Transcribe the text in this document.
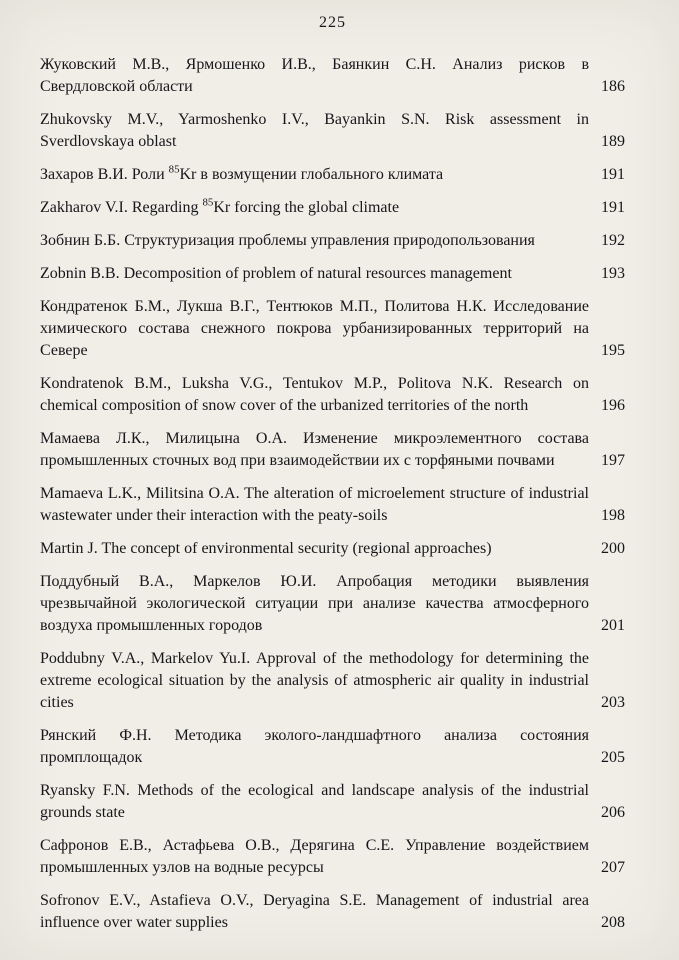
225
Жуковский М.В., Ярмошенко И.В., Баянкин С.Н. Анализ рисков в Свердловской области	186
Zhukovsky M.V., Yarmoshenko I.V., Bayankin S.N. Risk assessment in Sverdlovskaya oblast	189
Захаров В.И. Роли $^{85}$Kr в возмущении глобального климата	191
Zakharov V.I. Regarding $^{85}$Kr forcing the global climate	191
Зобнин Б.Б. Структуризация проблемы управления природопользования	192
Zobnin B.B. Decomposition of problem of natural resources management	193
Кондратенок Б.М., Лукша В.Г., Тентюков М.П., Политова Н.К. Исследование химического состава снежного покрова урбанизированных территорий на Севере	195
Kondratenok B.M., Luksha V.G., Tentukov M.P., Politova N.K. Research on chemical composition of snow cover of the urbanized territories of the north	196
Мамаева Л.К., Милицына О.А. Изменение микроэлементного состава промышленных сточных вод при взаимодействии их с торфяными почвами	197
Mamaeva L.K., Militsina O.A. The alteration of microelement structure of industrial wastewater under their interaction with the peaty-soils	198
Martin J. The concept of environmental security (regional approaches)	200
Поддубный В.А., Маркелов Ю.И. Апробация методики выявления чрезвычайной экологической ситуации при анализе качества атмосферного воздуха промышленных городов	201
Poddubny V.A., Markelov Yu.I. Approval of the methodology for determining the extreme ecological situation by the analysis of atmospheric air quality in industrial cities	203
Рянский Ф.Н. Методика эколого-ландшафтного анализа состояния промплощадок	205
Ryansky F.N. Methods of the ecological and landscape analysis of the industrial grounds state	206
Сафронов Е.В., Астафьева О.В., Дерягина С.Е. Управление воздействием промышленных узлов на водные ресурсы	207
Sofronov E.V., Astafieva O.V., Deryagina S.E. Management of industrial area influence over water supplies	208
